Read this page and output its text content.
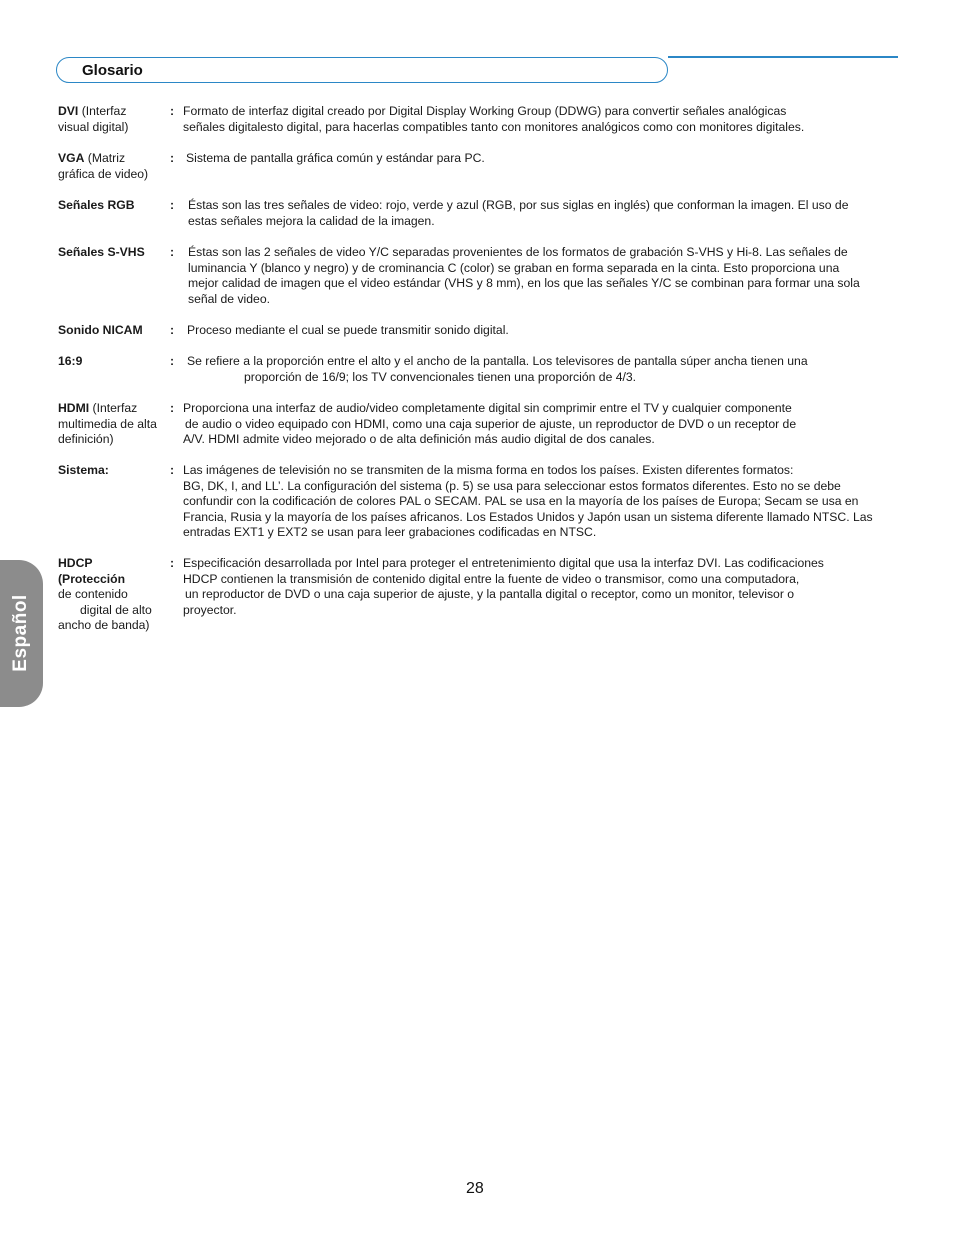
Glosario
DVI (Interfaz
visual digital)
: Formato de interfaz digital creado por Digital Display Working Group (DDWG) para convertir señales analógicas
señales digitalesto digital, para hacerlas compatibles tanto con monitores analógicos como con monitores digitales.
VGA (Matriz
gráfica de video)
: Sistema de pantalla gráfica común y estándar para PC.
Señales RGB	: Éstas son las tres señales de video: rojo, verde y azul (RGB, por sus siglas en inglés) que conforman la imagen. El uso de
estas señales mejora la calidad de la imagen.
Señales S-VHS	: Éstas son las 2 señales de video Y/C separadas provenientes de los formatos de grabación S-VHS y Hi-8. Las señales de
luminancia Y (blanco y negro) y de crominancia C (color) se graban en forma separada en la cinta. Esto proporciona una
mejor calidad de imagen que el video estándar (VHS y 8 mm), en los que las señales Y/C se combinan para formar una sola
señal de video.
Sonido NICAM	: Proceso mediante el cual se puede transmitir sonido digital.
16:9	: Se refiere a la proporción entre el alto y el ancho de la pantalla. Los televisores de pantalla súper ancha tienen una
proporción de 16/9; los TV convencionales tienen una proporción de 4/3.
HDMI (Interfaz
multimedia de alta
definición)
: Proporciona una interfaz de audio/video completamente digital sin comprimir entre el TV y cualquier componente
de audio o video equipado con HDMI, como una caja superior de ajuste, un reproductor de DVD o un receptor de
A/V. HDMI admite video mejorado o de alta definición más audio digital de dos canales.
Sistema:	: Las imágenes de televisión no se transmiten de la misma forma en todos los países. Existen diferentes formatos:
BG, DK, I, and LL’. La configuración del sistema (p. 5) se usa para seleccionar estos formatos diferentes. Esto no se debe
confundir con la codificación de colores PAL o SECAM. PAL se usa en la mayoría de los países de Europa; Secam se usa en
Francia, Rusia y la mayoría de los países africanos. Los Estados Unidos y Japón usan un sistema diferente llamado NTSC. Las
entradas EXT1 y EXT2 se usan para leer grabaciones codificadas en NTSC.
HDCP
(Protección
de contenido
digital de alto
ancho de banda)
: Especificación desarrollada por Intel para proteger el entretenimiento digital que usa la interfaz DVI. Las codificaciones
HDCP contienen la transmisión de contenido digital entre la fuente de video o transmisor, como una computadora,
un reproductor de DVD o una caja superior de ajuste, y la pantalla digital o receptor, como un monitor, televisor o
proyector.
Español
28
